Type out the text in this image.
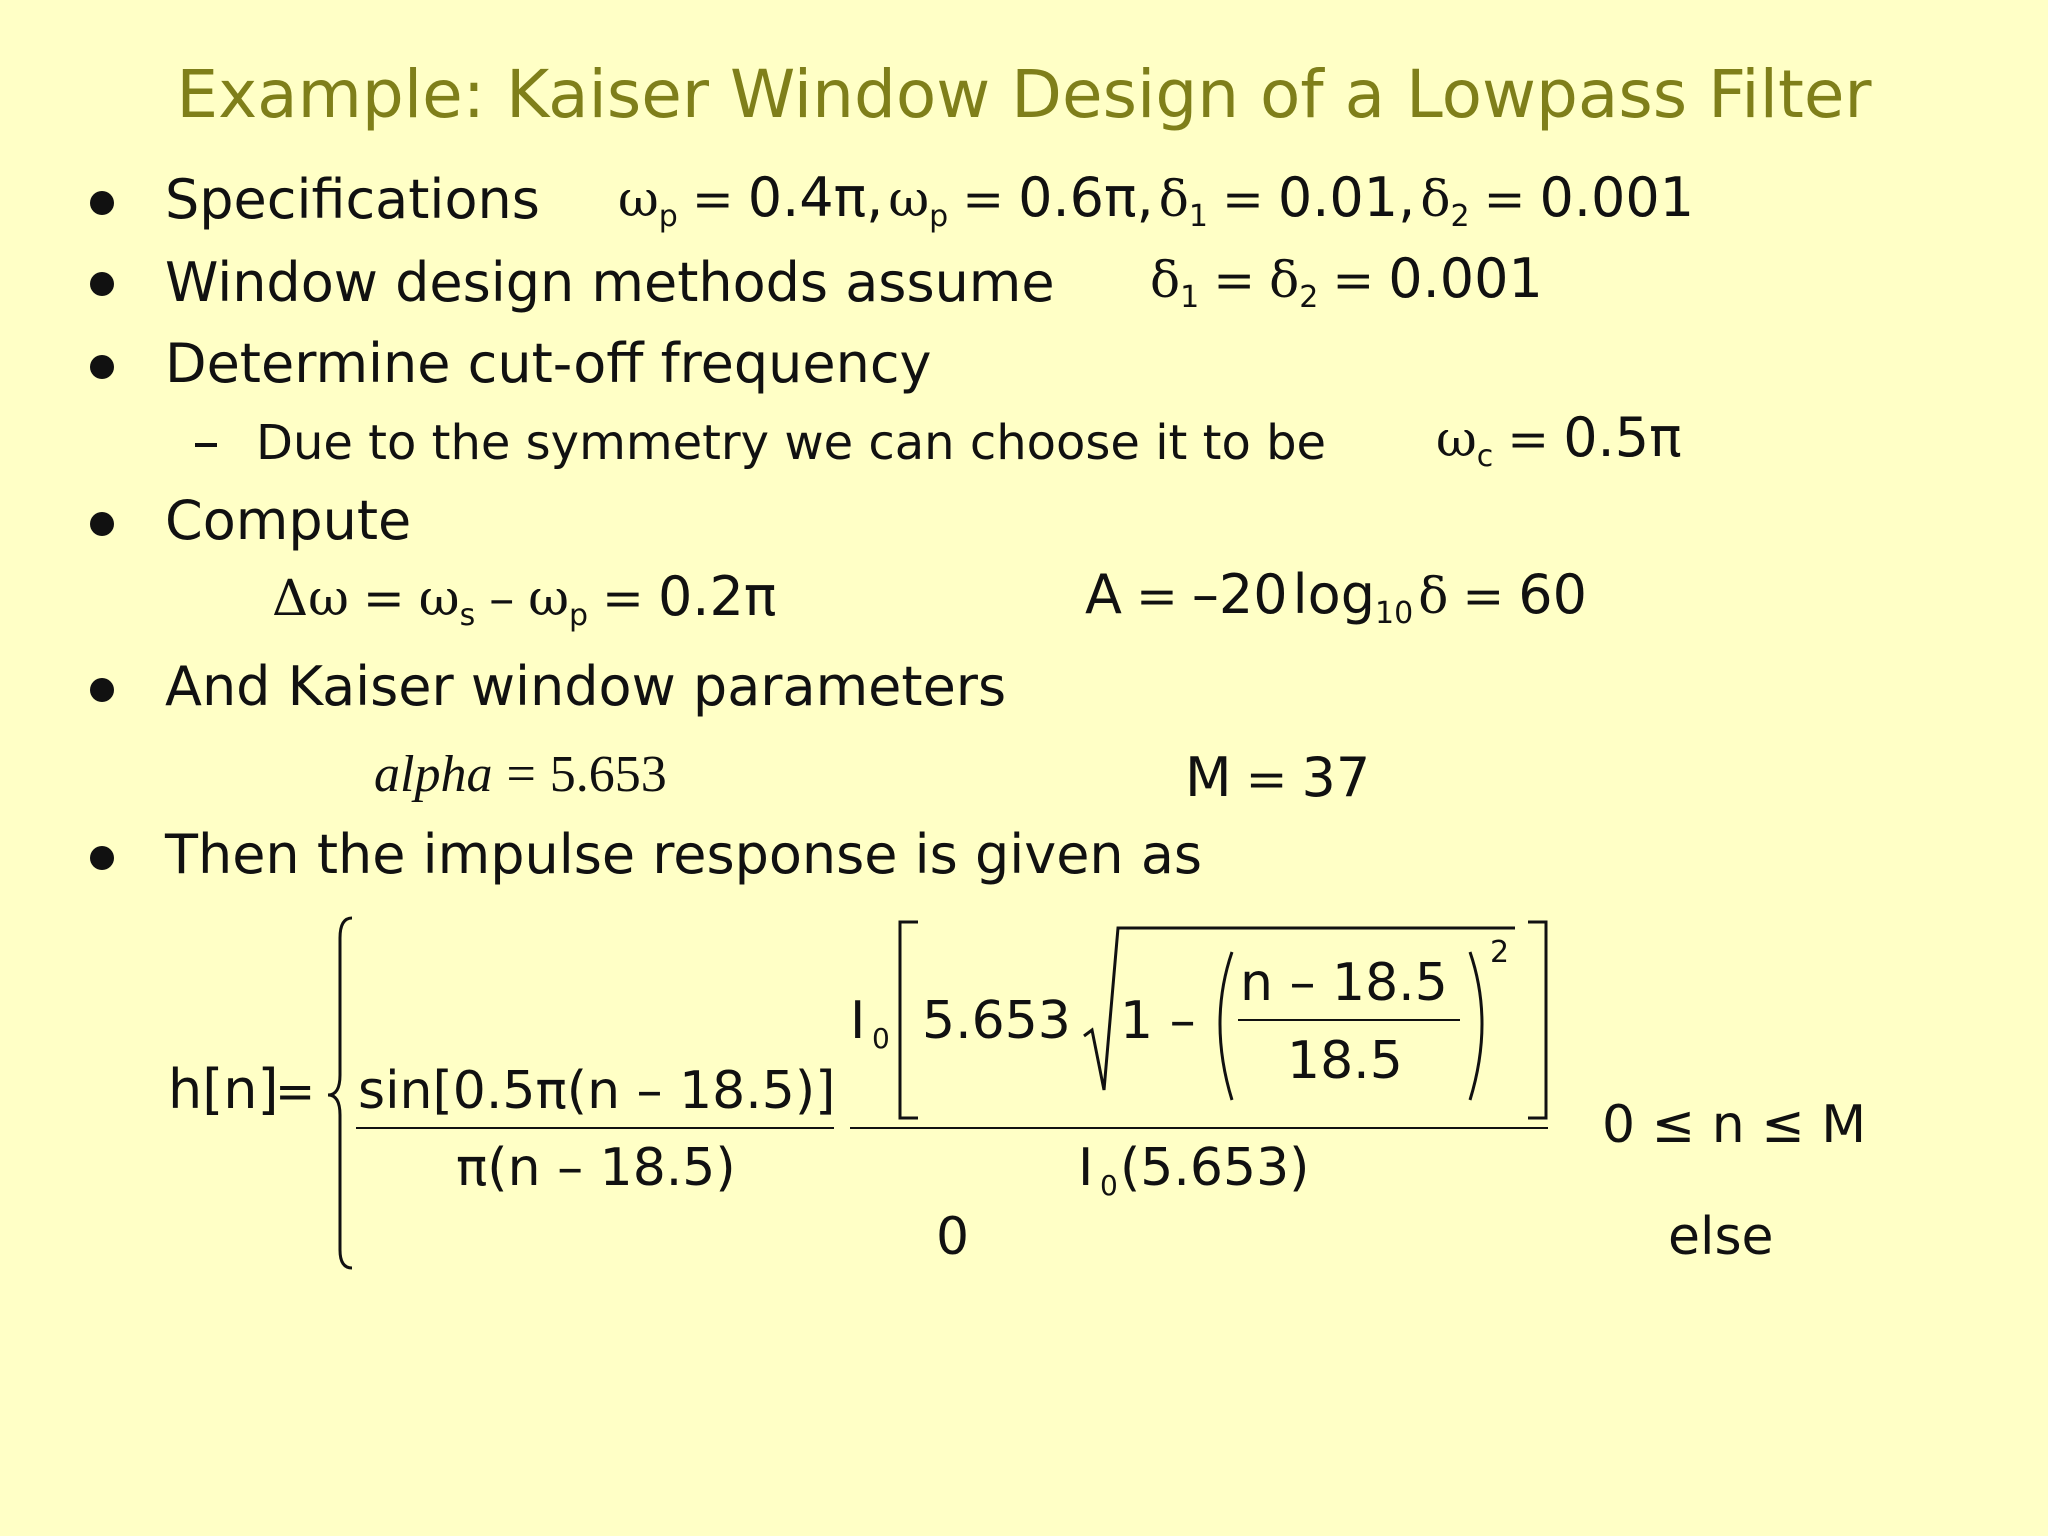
Example: Kaiser Window Design of a Lowpass Filter
Specifications $\omega_p = 0.4\pi$, $\omega_p = 0.6\pi$, $\delta_1 = 0.01$, $\delta_2 = 0.001$
Window design methods assume $\delta_1 = \delta_2 = 0.001$
Determine cut-off frequency
Due to the symmetry we can choose it to be $\omega_c = 0.5\pi$
Compute
$\Delta\omega = \omega_s - \omega_p = 0.2\pi$	A = –20 $\log_{10} \delta = 60$
And Kaiser window parameters
alpha = 5.653	M = 37
Then the impulse response is given as
h[n]
= sin[0.5π(n – 18.5)]
π(n – 18.5)
I 0 5.653 1 –
n – 18.5
18.5
2
I 0 (5.653)
0 ≤ n ≤ M
0	else
